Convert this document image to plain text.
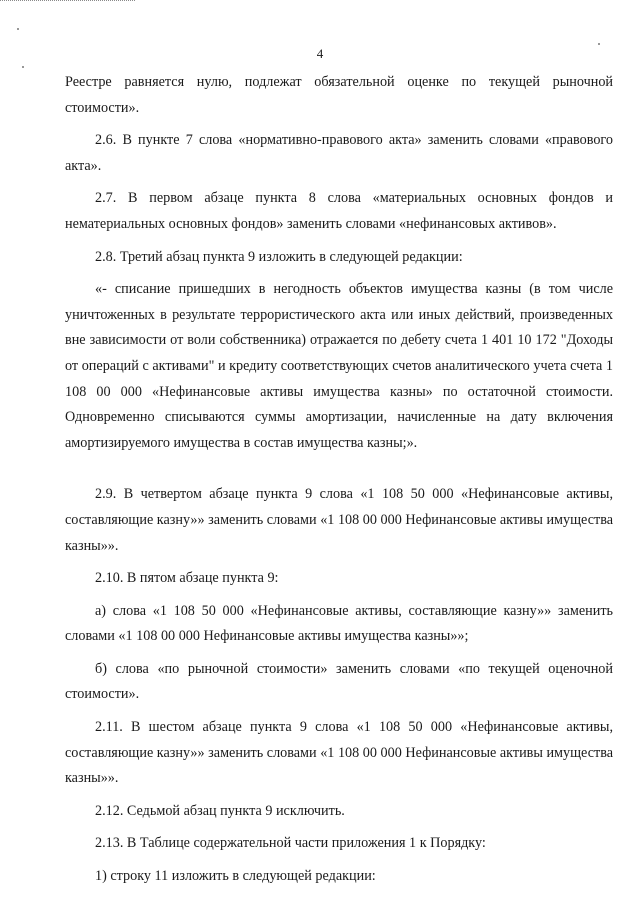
4

Реестре равняется нулю, подлежат обязательной оценке по текущей рыночной стоимости».

2.6. В пункте 7 слова «нормативно-правового акта» заменить словами «правового акта».

2.7. В первом абзаце пункта 8 слова «материальных основных фондов и нематериальных основных фондов» заменить словами «нефинансовых активов».

2.8. Третий абзац пункта 9 изложить в следующей редакции:

«- списание пришедших в негодность объектов имущества казны (в том числе уничтоженных в результате террористического акта или иных действий, произведенных вне зависимости от воли собственника) отражается по дебету счета 1 401 10 172 "Доходы от операций с активами" и кредиту соответствующих счетов аналитического учета счета 1 108 00 000 «Нефинансовые активы имущества казны» по остаточной стоимости. Одновременно списываются суммы амортизации, начисленные на дату включения амортизируемого имущества в состав имущества казны;».

2.9. В четвертом абзаце пункта 9 слова «1 108 50 000 «Нефинансовые активы, составляющие казну»» заменить словами «1 108 00 000 Нефинансовые активы имущества казны»».

2.10. В пятом абзаце пункта 9:

а) слова «1 108 50 000 «Нефинансовые активы, составляющие казну»» заменить словами «1 108 00 000 Нефинансовые активы имущества казны»»;

б) слова «по рыночной стоимости» заменить словами «по текущей оценочной стоимости».

2.11. В шестом абзаце пункта 9 слова «1 108 50 000 «Нефинансовые активы, составляющие казну»» заменить словами «1 108 00 000 Нефинансовые активы имущества казны»».

2.12. Седьмой абзац пункта 9 исключить.

2.13. В Таблице содержательной части приложения 1 к Порядку:

1) строку 11 изложить в следующей редакции:
